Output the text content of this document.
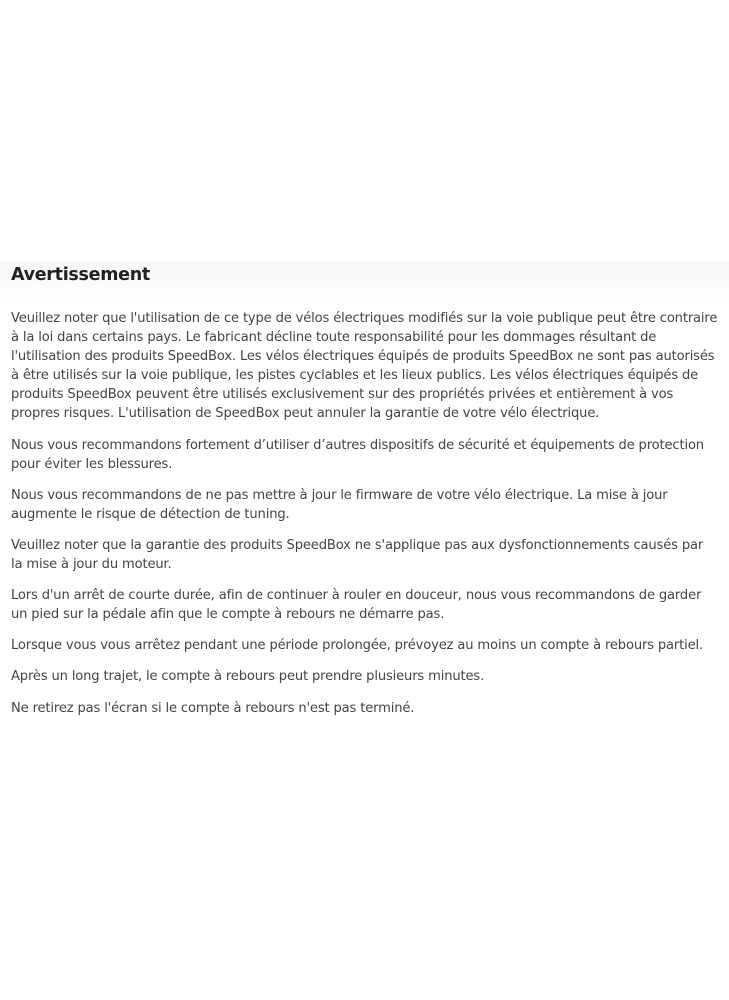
Avertissement

Veuillez noter que l'utilisation de ce type de vélos électriques modifiés sur la voie publique peut être contraire à la loi dans certains pays. Le fabricant décline toute responsabilité pour les dommages résultant de l'utilisation des produits SpeedBox. Les vélos électriques équipés de produits SpeedBox ne sont pas autorisés à être utilisés sur la voie publique, les pistes cyclables et les lieux publics. Les vélos électriques équipés de produits SpeedBox peuvent être utilisés exclusivement sur des propriétés privées et entièrement à vos propres risques. L'utilisation de SpeedBox peut annuler la garantie de votre vélo électrique.

Nous vous recommandons fortement d’utiliser d’autres dispositifs de sécurité et équipements de protection pour éviter les blessures.

Nous vous recommandons de ne pas mettre à jour le firmware de votre vélo électrique. La mise à jour augmente le risque de détection de tuning.

Veuillez noter que la garantie des produits SpeedBox ne s'applique pas aux dysfonctionnements causés par la mise à jour du moteur.

Lors d'un arrêt de courte durée, afin de continuer à rouler en douceur, nous vous recommandons de garder un pied sur la pédale afin que le compte à rebours ne démarre pas.

Lorsque vous vous arrêtez pendant une période prolongée, prévoyez au moins un compte à rebours partiel.

Après un long trajet, le compte à rebours peut prendre plusieurs minutes.

Ne retirez pas l'écran si le compte à rebours n'est pas terminé.
